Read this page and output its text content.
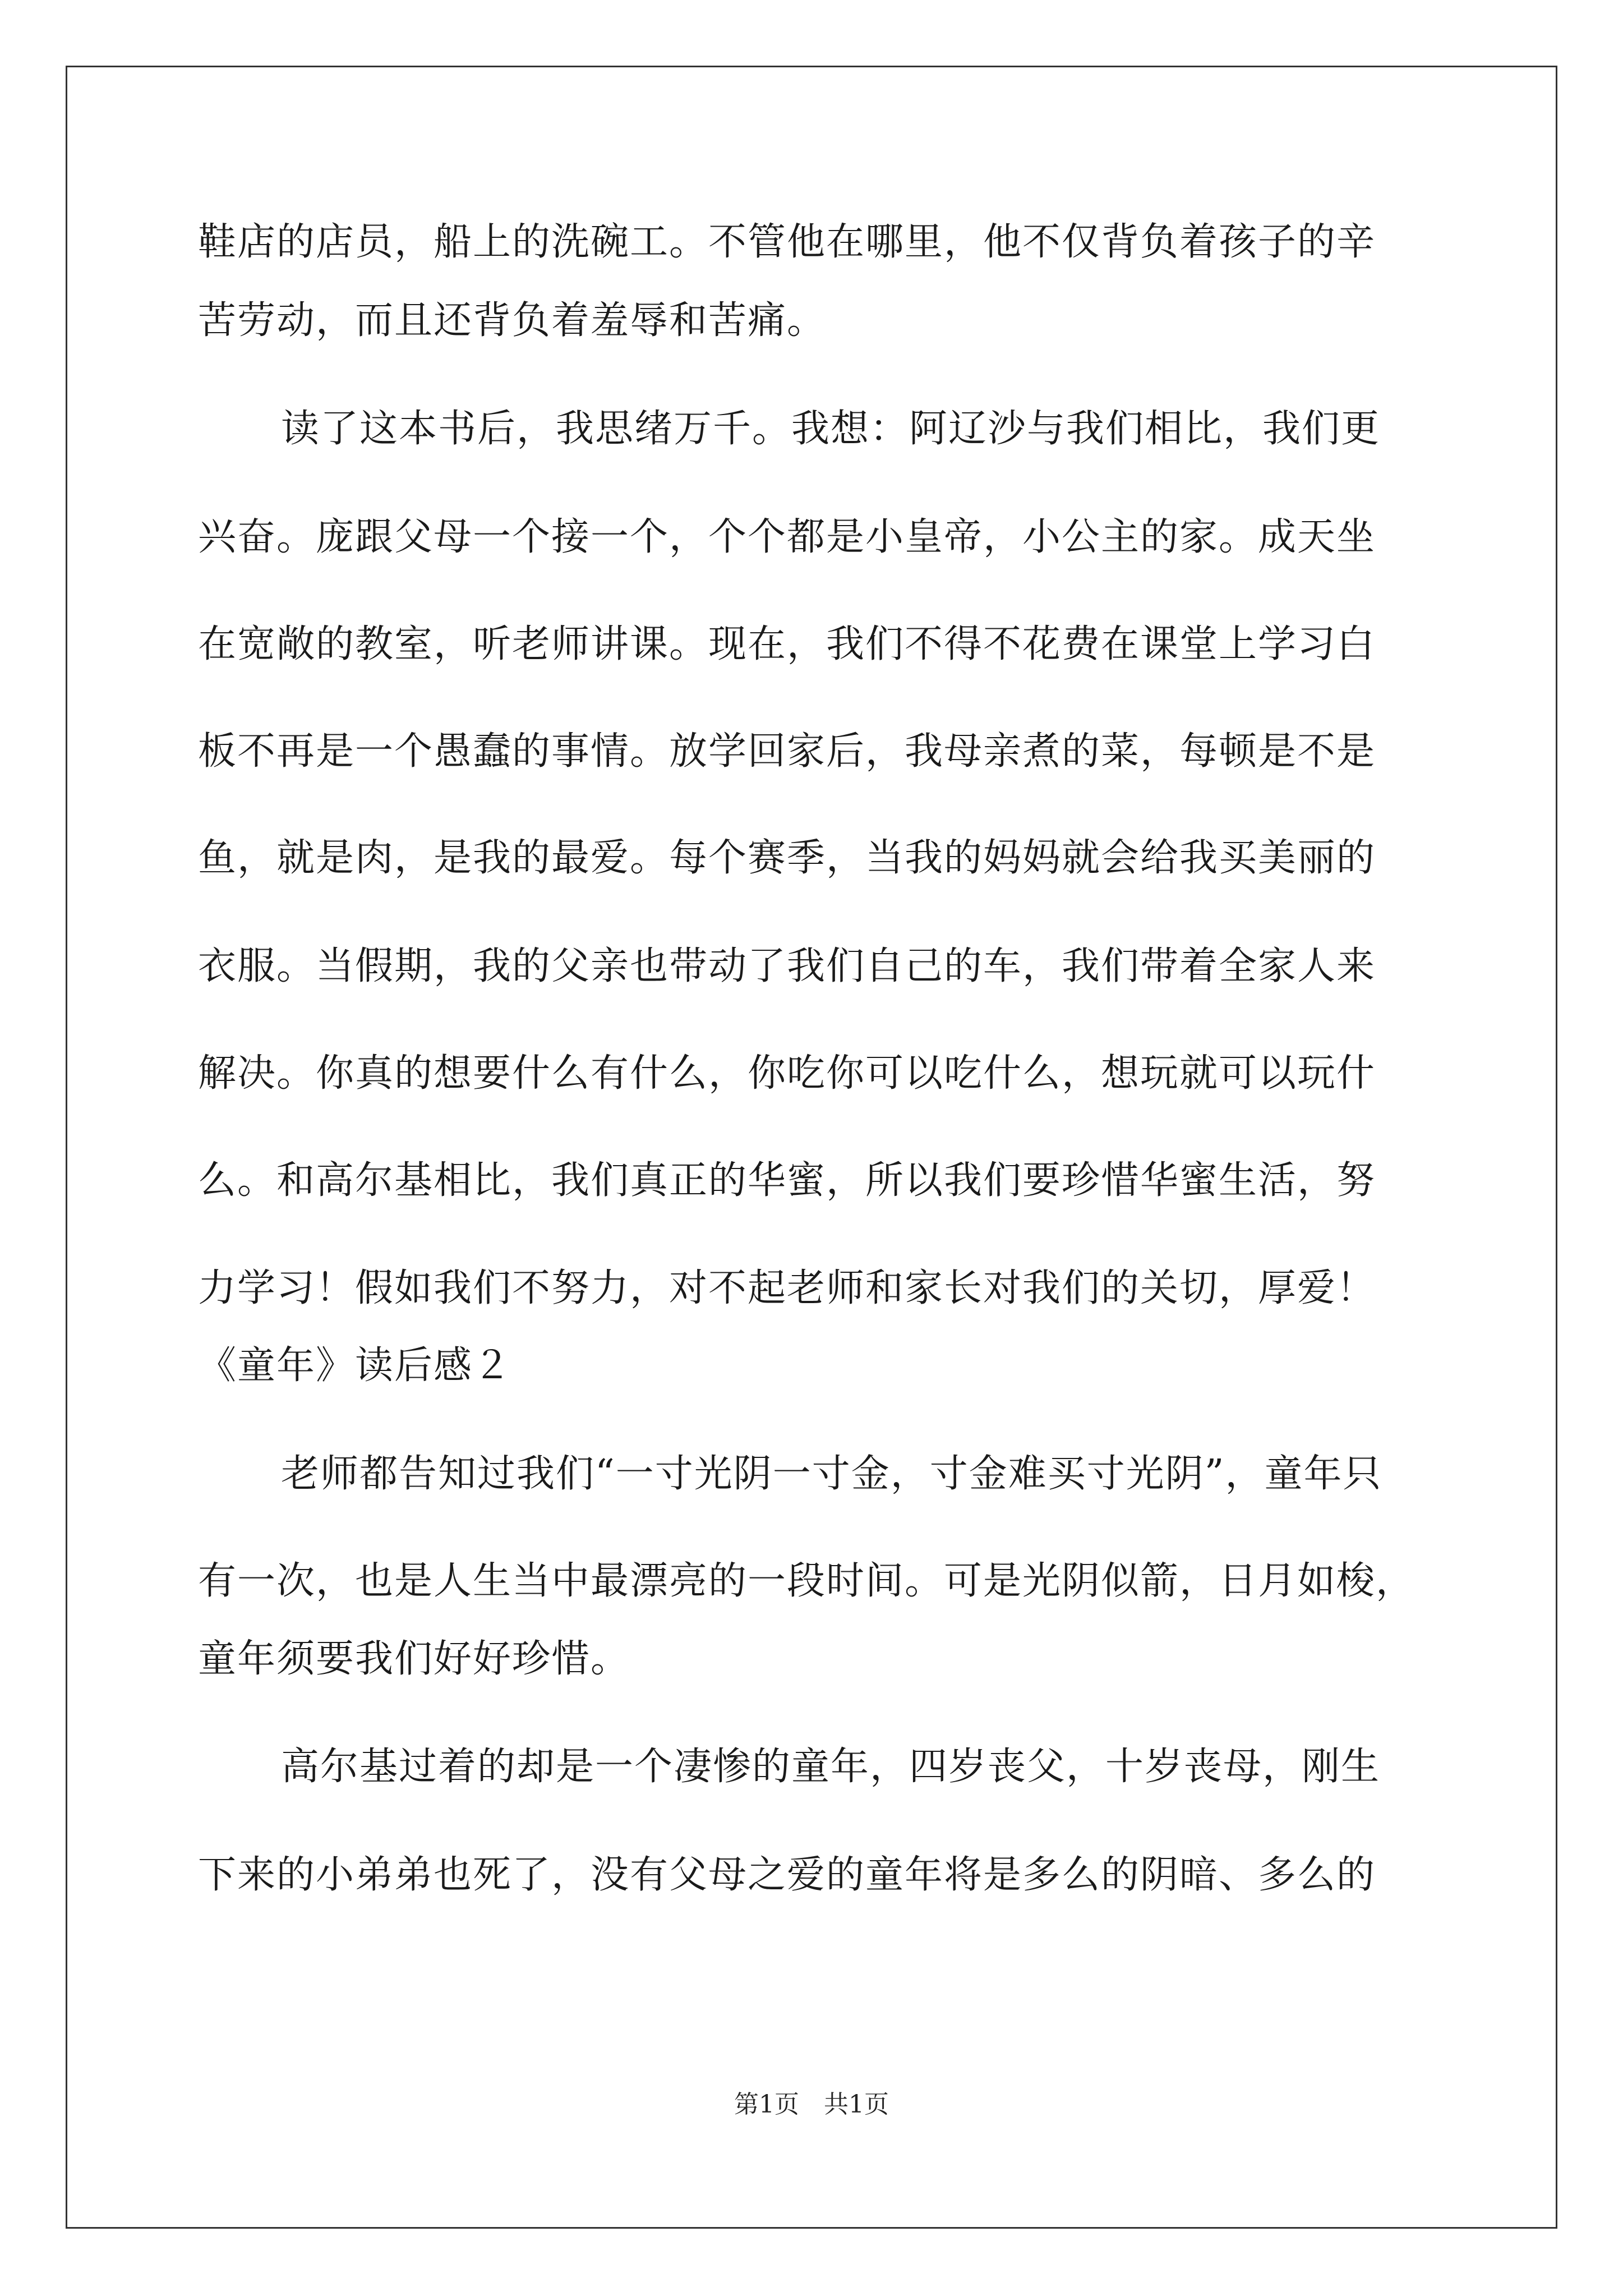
鞋店的店员，船上的洗碗工。不管他在哪里，他不仅背负着孩子的辛
苦劳动，而且还背负着羞辱和苦痛。
读了这本书后，我思绪万千。我想：阿辽沙与我们相比，我们更
兴奋。庞跟父母一个接一个，个个都是小皇帝，小公主的家。成天坐
在宽敞的教室，听老师讲课。现在，我们不得不花费在课堂上学习白
板不再是一个愚蠢的事情。放学回家后，我母亲煮的菜，每顿是不是
鱼，就是肉，是我的最爱。每个赛季，当我的妈妈就会给我买美丽的
衣服。当假期，我的父亲也带动了我们自己的车，我们带着全家人来
解决。你真的想要什么有什么，你吃你可以吃什么，想玩就可以玩什
么。和高尔基相比，我们真正的华蜜，所以我们要珍惜华蜜生活，努
力学习！假如我们不努力，对不起老师和家长对我们的关切，厚爱！
《童年》读后感２
老师都告知过我们“一寸光阴一寸金，寸金难买寸光阴”，童年只
有一次，也是人生当中最漂亮的一段时间。可是光阴似箭，日月如梭，
童年须要我们好好珍惜。
高尔基过着的却是一个凄惨的童年，四岁丧父，十岁丧母，刚生
下来的小弟弟也死了，没有父母之爱的童年将是多么的阴暗、多么的
第1页 共1页
